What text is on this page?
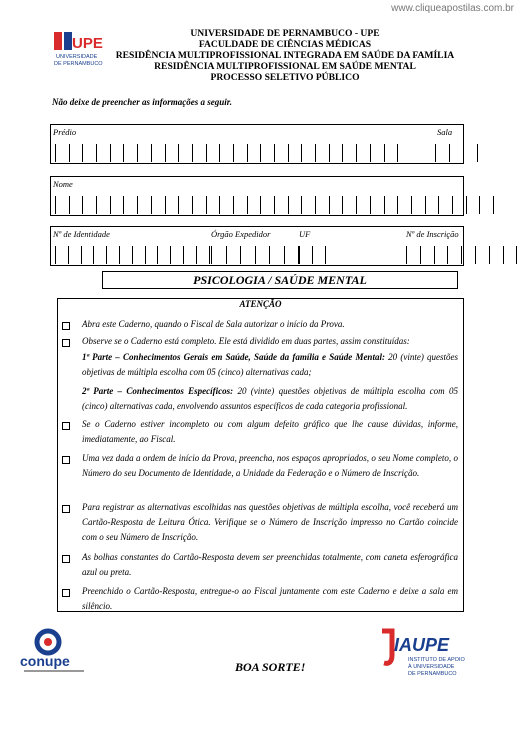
www.cliqueapostilas.com.br
UPE
UNIVERSIDADE
DE PERNAMBUCO
UNIVERSIDADE DE PERNAMBUCO - UPE
FACULDADE DE CIÊNCIAS MÉDICAS
RESIDÊNCIA MULTIPROFISSIONAL INTEGRADA EM SAÚDE DA FAMÍLIA
RESIDÊNCIA MULTIPROFISSIONAL EM SAÚDE MENTAL
PROCESSO SELETIVO PÚBLICO
Não deixe de preencher as informações a seguir.
Prédio	Sala
Nome
Nº de Identidade	Órgão Expedidor	UF	Nº de Inscrição
PSICOLOGIA / SAÚDE MENTAL
ATENÇÃO
Abra este Caderno, quando o Fiscal de Sala autorizar o início da Prova.
Observe se o Caderno está completo. Ele está dividido em duas partes, assim constituídas:
1ª Parte – Conhecimentos Gerais em Saúde, Saúde da família e Saúde Mental: 20 (vinte) questões objetivas de múltipla escolha com 05 (cinco) alternativas cada;
2ª Parte – Conhecimentos Específicos: 20 (vinte) questões objetivas de múltipla escolha com 05 (cinco) alternativas cada, envolvendo assuntos específicos de cada categoria profissional.
Se o Caderno estiver incompleto ou com algum defeito gráfico que lhe cause dúvidas, informe, imediatamente, ao Fiscal.
Uma vez dada a ordem de início da Prova, preencha, nos espaços apropriados, o seu Nome completo, o Número do seu Documento de Identidade, a Unidade da Federação e o Número de Inscrição.
Para registrar as alternativas escolhidas nas questões objetivas de múltipla escolha, você receberá um Cartão-Resposta de Leitura Ótica. Verifique se o Número de Inscrição impresso no Cartão coincide com o seu Número de Inscrição.
As bolhas constantes do Cartão-Resposta devem ser preenchidas totalmente, com caneta esferográfica azul ou preta.
Preenchido o Cartão-Resposta, entregue-o ao Fiscal juntamente com este Caderno e deixe a sala em silêncio.
conupe	BOA SORTE!
IAUPE
INSTITUTO DE APOIO
À UNIVERSIDADE
DE PERNAMBUCO
